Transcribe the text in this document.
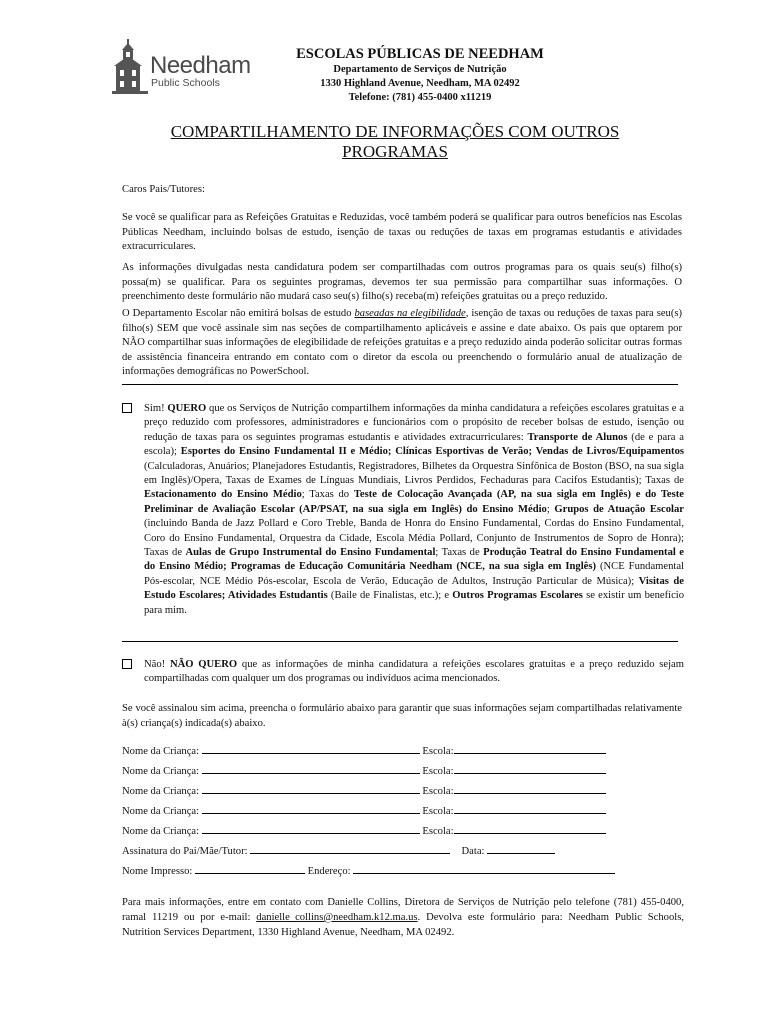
Needham
Public Schools
ESCOLAS PÚBLICAS DE NEEDHAM
Departamento de Serviços de Nutrição
1330 Highland Avenue, Needham, MA 02492
Telefone: (781) 455-0400 x11219
COMPARTILHAMENTO DE INFORMAÇÕES COM OUTROS
PROGRAMAS
Caros Pais/Tutores:
Se você se qualificar para as Refeições Gratuitas e Reduzidas, você também poderá se qualificar para outros benefícios nas Escolas Públicas Needham, incluindo bolsas de estudo, isenção de taxas ou reduções de taxas em programas estudantis e atividades extracurriculares.
As informações divulgadas nesta candidatura podem ser compartilhadas com outros programas para os quais seu(s) filho(s) possa(m) se qualificar. Para os seguintes programas, devemos ter sua permissão para compartilhar suas informações. O preenchimento deste formulário não mudará caso seu(s) filho(s) receba(m) refeições gratuitas ou a preço reduzido.
O Departamento Escolar não emitirá bolsas de estudo baseadas na elegibilidade, isenção de taxas ou reduções de taxas para seu(s) filho(s) SEM que você assinale sim nas seções de compartilhamento aplicáveis e assine e date abaixo. Os pais que optarem por NÃO compartilhar suas informações de elegibilidade de refeições gratuitas e a preço reduzido ainda poderão solicitar outras formas de assistência financeira entrando em contato com o diretor da escola ou preenchendo o formulário anual de atualização de informações demográficas no PowerSchool.
Sim! QUERO que os Serviços de Nutrição compartilhem informações da minha candidatura a refeições escolares gratuitas e a preço reduzido com professores, administradores e funcionários com o propósito de receber bolsas de estudo, isenção ou redução de taxas para os seguintes programas estudantis e atividades extracurriculares: Transporte de Alunos (de e para a escola); Esportes do Ensino Fundamental II e Médio; Clínicas Esportivas de Verão; Vendas de Livros/Equipamentos (Calculadoras, Anuários; Planejadores Estudantis, Registradores, Bilhetes da Orquestra Sinfônica de Boston (BSO, na sua sigla em Inglês)/Opera, Taxas de Exames de Línguas Mundiais, Livros Perdidos, Fechaduras para Cacifos Estudantis); Taxas de Estacionamento do Ensino Médio; Taxas do Teste de Colocação Avançada (AP, na sua sigla em Inglês) e do Teste Preliminar de Avaliação Escolar (AP/PSAT, na sua sigla em Inglês) do Ensino Médio; Grupos de Atuação Escolar (incluindo Banda de Jazz Pollard e Coro Treble, Banda de Honra do Ensino Fundamental, Cordas do Ensino Fundamental, Coro do Ensino Fundamental, Orquestra da Cidade, Escola Média Pollard, Conjunto de Instrumentos de Sopro de Honra); Taxas de Aulas de Grupo Instrumental do Ensino Fundamental; Taxas de Produção Teatral do Ensino Fundamental e do Ensino Médio; Programas de Educação Comunitária Needham (NCE, na sua sigla em Inglês) (NCE Fundamental Pós-escolar, NCE Médio Pós-escolar, Escola de Verão, Educação de Adultos, Instrução Particular de Música); Visitas de Estudo Escolares; Atividades Estudantis (Baile de Finalistas, etc.); e Outros Programas Escolares se existir um benefício para mim.
Não! NÃO QUERO que as informações de minha candidatura a refeições escolares gratuitas e a preço reduzido sejam compartilhadas com qualquer um dos programas ou indivíduos acima mencionados.
Se você assinalou sim acima, preencha o formulário abaixo para garantir que suas informações sejam compartilhadas relativamente à(s) criança(s) indicada(s) abaixo.
Nome da Criança:	Escola:
Nome da Criança:	Escola:
Nome da Criança:	Escola:
Nome da Criança:	Escola:
Nome da Criança:	Escola:
Assinatura do Pai/Mãe/Tutor:	Data:
Nome Impresso:	Endereço:
Para mais informações, entre em contato com Danielle Collins, Diretora de Serviços de Nutrição pelo telefone (781) 455-0400, ramal 11219 ou por e-mail: danielle_collins@needham.k12.ma.us. Devolva este formulário para: Needham Public Schools, Nutrition Services Department, 1330 Highland Avenue, Needham, MA 02492.
